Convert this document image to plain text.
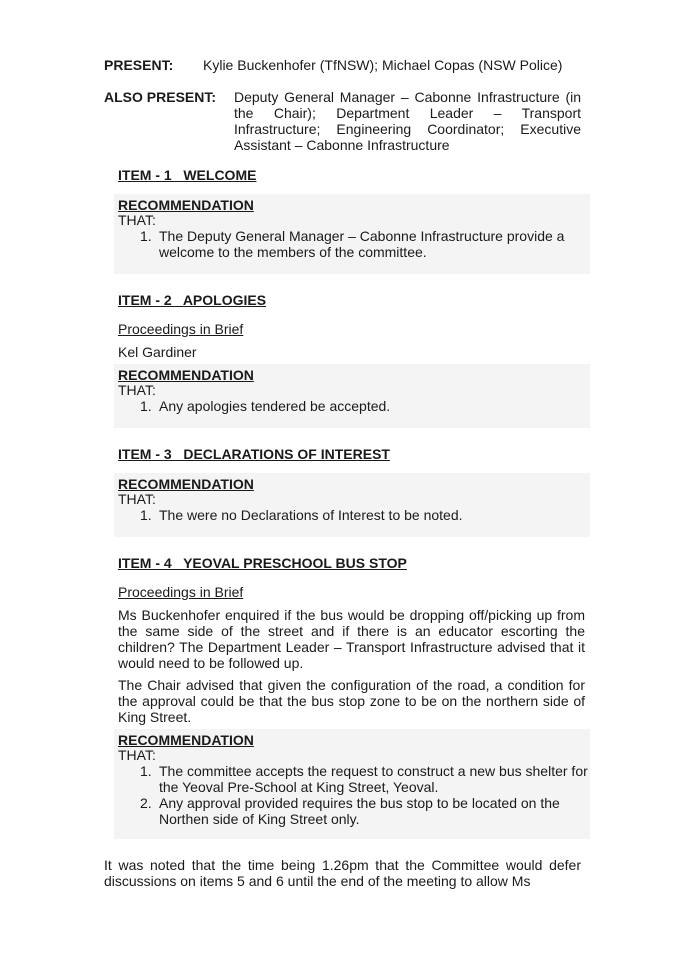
PRESENT: Kylie Buckenhofer (TfNSW); Michael Copas (NSW Police)
ALSO PRESENT: Deputy General Manager – Cabonne Infrastructure (in the Chair); Department Leader – Transport Infrastructure; Engineering Coordinator; Executive Assistant – Cabonne Infrastructure
ITEM - 1   WELCOME
RECOMMENDATION
THAT:
1. The Deputy General Manager – Cabonne Infrastructure provide a welcome to the members of the committee.
ITEM - 2   APOLOGIES
Proceedings in Brief
Kel Gardiner
RECOMMENDATION
THAT:
1. Any apologies tendered be accepted.
ITEM - 3   DECLARATIONS OF INTEREST
RECOMMENDATION
THAT:
1. The were no Declarations of Interest to be noted.
ITEM - 4   YEOVAL PRESCHOOL BUS STOP
Proceedings in Brief
Ms Buckenhofer enquired if the bus would be dropping off/picking up from the same side of the street and if there is an educator escorting the children? The Department Leader – Transport Infrastructure advised that it would need to be followed up.
The Chair advised that given the configuration of the road, a condition for the approval could be that the bus stop zone to be on the northern side of King Street.
RECOMMENDATION
THAT:
1. The committee accepts the request to construct a new bus shelter for the Yeoval Pre-School at King Street, Yeoval.
2. Any approval provided requires the bus stop to be located on the Northen side of King Street only.
It was noted that the time being 1.26pm that the Committee would defer discussions on items 5 and 6 until the end of the meeting to allow Ms
